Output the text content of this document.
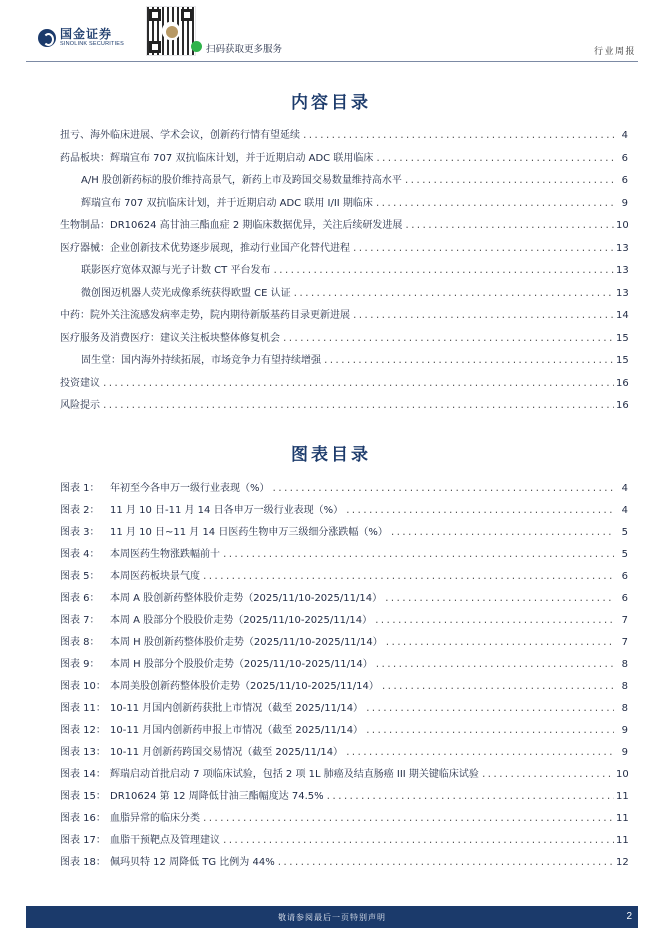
国金证券
SINOLINK SECURITIES	扫码获取更多服务	行业周报
内容目录
扭亏、海外临床进展、学术会议，创新药行情有望延续 .....	4
药品板块：辉瑞宣布 707 双抗临床计划，并于近期启动 ADC 联用临床 .....	6
A/H 股创新药标的股价维持高景气，新药上市及跨国交易数量维持高水平 .....	6
辉瑞宣布 707 双抗临床计划，并于近期启动 ADC 联用 I/II 期临床 .....	9
生物制品：DR10624 高甘油三酯血症 2 期临床数据优异，关注后续研发进展 .....	10
医疗器械：企业创新技术优势逐步展现，推动行业国产化替代进程 .....	13
联影医疗宽体双源与光子计数 CT 平台发布 .....	13
微创图迈机器人荧光成像系统获得欧盟 CE 认证 .....	13
中药：院外关注流感发病率走势，院内期待新版基药目录更新进展 .....	14
医疗服务及消费医疗：建议关注板块整体修复机会 .....	15
固生堂：国内海外持续拓展，市场竞争力有望持续增强 .....	15
投资建议 .....	16
风险提示 .....	16
图表目录
图表 1： 年初至今各申万一级行业表现（%） .....	4
图表 2： 11 月 10 日-11 月 14 日各申万一级行业表现（%） .....	4
图表 3： 11 月 10 日~11 月 14 日医药生物申万三级细分涨跌幅（%） .....	5
图表 4： 本周医药生物涨跌幅前十 .....	5
图表 5： 本周医药板块景气度 .....	6
图表 6： 本周 A 股创新药整体股价走势（2025/11/10-2025/11/14） .....	6
图表 7： 本周 A 股部分个股股价走势（2025/11/10-2025/11/14） .....	7
图表 8： 本周 H 股创新药整体股价走势（2025/11/10-2025/11/14） .....	7
图表 9： 本周 H 股部分个股股价走势（2025/11/10-2025/11/14） .....	8
图表 10： 本周美股创新药整体股价走势（2025/11/10-2025/11/14） .....	8
图表 11： 10-11 月国内创新药获批上市情况（截至 2025/11/14） .....	8
图表 12： 10-11 月国内创新药申报上市情况（截至 2025/11/14） .....	9
图表 13： 10-11 月创新药跨国交易情况（截至 2025/11/14） .....	9
图表 14： 辉瑞启动首批启动 7 项临床试验，包括 2 项 1L 肺癌及结直肠癌 III 期关键临床试验 .....	10
图表 15： DR10624 第 12 周降低甘油三酯幅度达 74.5% .....	11
图表 16： 血脂异常的临床分类 .....	11
图表 17： 血脂干预靶点及管理建议 .....	11
图表 18： 佩玛贝特 12 周降低 TG 比例为 44% .....	12
敬请参阅最后一页特别声明	2
